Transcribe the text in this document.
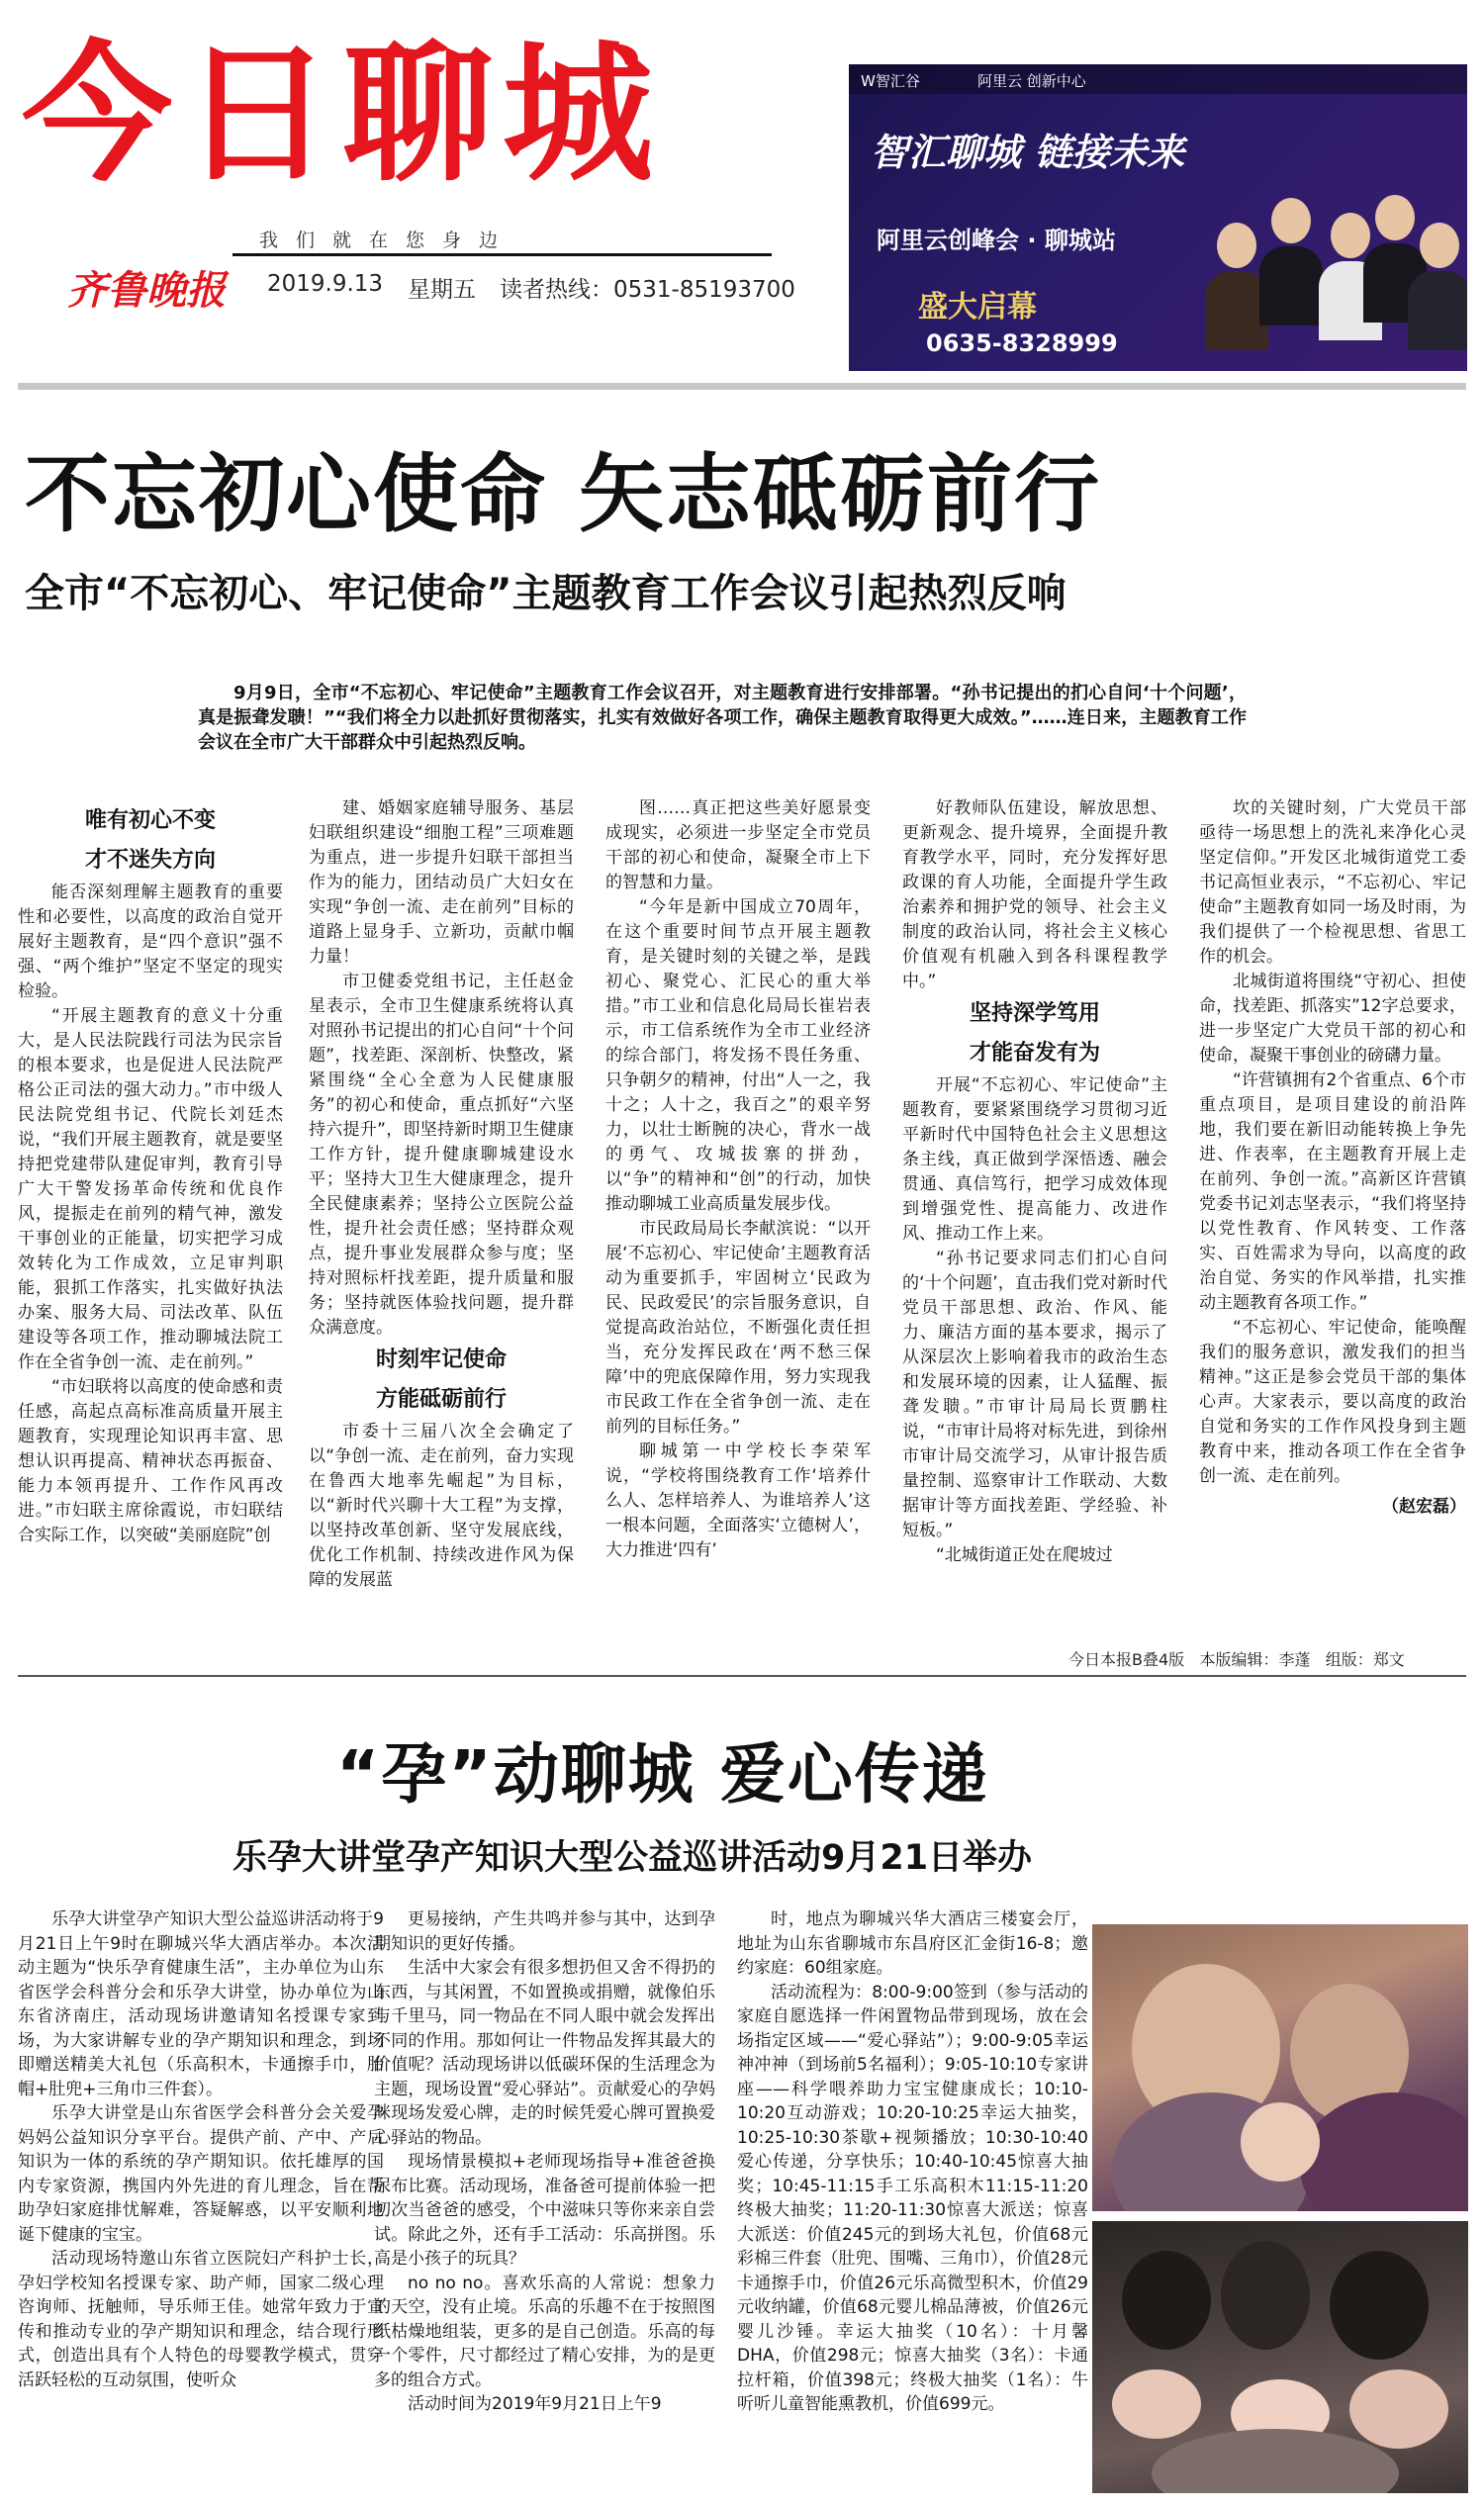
今日聊城
我们就在您身边
齐鲁晚报 2019.9.13 星期五 读者热线：0531-85193700
W智汇谷	阿里云 创新中心
智汇聊城 链接未来
阿里云创峰会 · 聊城站
盛大启幕
0635-8328999
不忘初心使命 矢志砥砺前行
全市“不忘初心、牢记使命”主题教育工作会议引起热烈反响
9月9日，全市“不忘初心、牢记使命”主题教育工作会议召开，对主题教育进行安排部署。“孙书记提出的扪心自问‘十个问题’，真是振聋发聩！”“我们将全力以赴抓好贯彻落实，扎实有效做好各项工作，确保主题教育取得更大成效。”……连日来，主题教育工作会议在全市广大干部群众中引起热烈反响。

唯有初心不变
才不迷失方向

能否深刻理解主题教育的重要性和必要性，以高度的政治自觉开展好主题教育，是“四个意识”强不强、“两个维护”坚定不坚定的现实检验。

“开展主题教育的意义十分重大，是人民法院践行司法为民宗旨的根本要求，也是促进人民法院严格公正司法的强大动力。”市中级人民法院党组书记、代院长刘廷杰说，“我们开展主题教育，就是要坚持把党建带队建促审判，教育引导广大干警发扬革命传统和优良作风，提振走在前列的精气神，激发干事创业的正能量，切实把学习成效转化为工作成效，立足审判职能，狠抓工作落实，扎实做好执法办案、服务大局、司法改革、队伍建设等各项工作，推动聊城法院工作在全省争创一流、走在前列。”

“市妇联将以高度的使命感和责任感，高起点高标准高质量开展主题教育，实现理论知识再丰富、思想认识再提高、精神状态再振奋、能力本领再提升、工作作风再改进。”市妇联主席徐霞说，市妇联结合实际工作，以突破“美丽庭院”创

建、婚姻家庭辅导服务、基层妇联组织建设“细胞工程”三项难题为重点，进一步提升妇联干部担当作为的能力，团结动员广大妇女在实现“争创一流、走在前列”目标的道路上显身手、立新功，贡献巾帼力量！

市卫健委党组书记，主任赵金星表示，全市卫生健康系统将认真对照孙书记提出的扪心自问“十个问题”，找差距、深剖析、快整改，紧紧围绕“全心全意为人民健康服务”的初心和使命，重点抓好“六坚持六提升”，即坚持新时期卫生健康工作方针，提升健康聊城建设水平；坚持大卫生大健康理念，提升全民健康素养；坚持公立医院公益性，提升社会责任感；坚持群众观点，提升事业发展群众参与度；坚持对照标杆找差距，提升质量和服务；坚持就医体验找问题，提升群众满意度。

时刻牢记使命
方能砥砺前行

市委十三届八次全会确定了以“争创一流、走在前列，奋力实现在鲁西大地率先崛起”为目标，以“新时代兴聊十大工程”为支撑，以坚持改革创新、坚守发展底线，优化工作机制、持续改进作风为保障的发展蓝

图……真正把这些美好愿景变成现实，必须进一步坚定全市党员干部的初心和使命，凝聚全市上下的智慧和力量。

“今年是新中国成立70周年，在这个重要时间节点开展主题教育，是关键时刻的关键之举，是践初心、聚党心、汇民心的重大举措。”市工业和信息化局局长崔岩表示，市工信系统作为全市工业经济的综合部门，将发扬不畏任务重、只争朝夕的精神，付出“人一之，我十之；人十之，我百之”的艰辛努力，以壮士断腕的决心，背水一战的勇气、攻城拔寨的拼劲，以“争”的精神和“创”的行动，加快推动聊城工业高质量发展步伐。

市民政局局长李献滨说：“以开展‘不忘初心、牢记使命’主题教育活动为重要抓手，牢固树立‘民政为民、民政爱民’的宗旨服务意识，自觉提高政治站位，不断强化责任担当，充分发挥民政在‘两不愁三保障’中的兜底保障作用，努力实现我市民政工作在全省争创一流、走在前列的目标任务。”

聊城第一中学校长李荣军说，“学校将围绕教育工作‘培养什么人、怎样培养人、为谁培养人’这一根本问题，全面落实‘立德树人’，大力推进‘四有’

好教师队伍建设，解放思想、更新观念、提升境界，全面提升教育教学水平，同时，充分发挥好思政课的育人功能，全面提升学生政治素养和拥护党的领导、社会主义制度的政治认同，将社会主义核心价值观有机融入到各科课程教学中。”

坚持深学笃用
才能奋发有为

开展“不忘初心、牢记使命”主题教育，要紧紧围绕学习贯彻习近平新时代中国特色社会主义思想这条主线，真正做到学深悟透、融会贯通、真信笃行，把学习成效体现到增强党性、提高能力、改进作风、推动工作上来。

“孙书记要求同志们扪心自问的‘十个问题’，直击我们党对新时代党员干部思想、政治、作风、能力、廉洁方面的基本要求，揭示了从深层次上影响着我市的政治生态和发展环境的因素，让人猛醒、振聋发聩。”市审计局局长贾鹏柱说，“市审计局将对标先进，到徐州市审计局交流学习，从审计报告质量控制、巡察审计工作联动、大数据审计等方面找差距、学经验、补短板。”

“北城街道正处在爬坡过

坎的关键时刻，广大党员干部亟待一场思想上的洗礼来净化心灵坚定信仰。”开发区北城街道党工委书记高恒业表示，“不忘初心、牢记使命”主题教育如同一场及时雨，为我们提供了一个检视思想、省思工作的机会。

北城街道将围绕“守初心、担使命，找差距、抓落实”12字总要求，进一步坚定广大党员干部的初心和使命，凝聚干事创业的磅礴力量。

“许营镇拥有2个省重点、6个市重点项目，是项目建设的前沿阵地，我们要在新旧动能转换上争先进、作表率，在主题教育开展上走在前列、争创一流。”高新区许营镇党委书记刘志坚表示，“我们将坚持以党性教育、作风转变、工作落实、百姓需求为导向，以高度的政治自觉、务实的作风举措，扎实推动主题教育各项工作。”

“不忘初心、牢记使命，能唤醒我们的服务意识，激发我们的担当精神。”这正是参会党员干部的集体心声。大家表示，要以高度的政治自觉和务实的工作作风投身到主题教育中来，推动各项工作在全省争创一流、走在前列。

（赵宏磊）

今日本报B叠4版 本版编辑：李蓬 组版：郑文
“孕”动聊城 爱心传递
乐孕大讲堂孕产知识大型公益巡讲活动9月21日举办

乐孕大讲堂孕产知识大型公益巡讲活动将于9月21日上午9时在聊城兴华大酒店举办。本次活动主题为“快乐孕育健康生活”，主办单位为山东省医学会科普分会和乐孕大讲堂，协办单位为山东省济南庄，活动现场讲邀请知名授课专家到场，为大家讲解专业的孕产期知识和理念，到场即赠送精美大礼包（乐高积木，卡通擦手巾，胎帽+肚兜+三角巾三件套）。

乐孕大讲堂是山东省医学会科普分会关爱孕妈妈公益知识分享平台。提供产前、产中、产后知识为一体的系统的孕产期知识。依托雄厚的国内专家资源，携国内外先进的育儿理念，旨在帮助孕妇家庭排忧解难，答疑解惑，以平安顺利地诞下健康的宝宝。

活动现场特邀山东省立医院妇产科护士长，孕妇学校知名授课专家、助产师，国家二级心理咨询师、抚触师，导乐师王佳。她常年致力于宣传和推动专业的孕产期知识和理念，结合现行形式，创造出具有个人特色的母婴教学模式，贯穿活跃轻松的互动氛围，使听众

更易接纳，产生共鸣并参与其中，达到孕期知识的更好传播。

生活中大家会有很多想扔但又舍不得扔的东西，与其闲置，不如置换或捐赠，就像伯乐与千里马，同一物品在不同人眼中就会发挥出不同的作用。那如何让一件物品发挥其最大的价值呢？活动现场讲以低碳环保的生活理念为主题，现场设置“爱心驿站”。贡献爱心的孕妈咪现场发爱心牌，走的时候凭爱心牌可置换爱心驿站的物品。

现场情景模拟+老师现场指导+准爸爸换尿布比赛。活动现场，准备爸可提前体验一把初次当爸爸的感受，个中滋味只等你来亲自尝试。除此之外，还有手工活动：乐高拼图。乐高是小孩子的玩具？

no no no。喜欢乐高的人常说：想象力的天空，没有止境。乐高的乐趣不在于按照图纸枯燥地组装，更多的是自己创造。乐高的每一个零件，尺寸都经过了精心安排，为的是更多的组合方式。

活动时间为2019年9月21日上午9

时，地点为聊城兴华大酒店三楼宴会厅，地址为山东省聊城市东昌府区汇金街16-8；邀约家庭：60组家庭。

活动流程为：8:00-9:00签到（参与活动的家庭自愿选择一件闲置物品带到现场，放在会场指定区域——“爱心驿站”）；9:00-9:05幸运神冲神（到场前5名福利）；9:05-10:10专家讲座——科学喂养助力宝宝健康成长；10:10-10:20互动游戏；10:20-10:25幸运大抽奖，10:25-10:30茶歇+视频播放；10:30-10:40爱心传递，分享快乐；10:40-10:45惊喜大抽奖；10:45-11:15手工乐高积木11:15-11:20终极大抽奖；11:20-11:30惊喜大派送；惊喜大派送：价值245元的到场大礼包，价值68元彩棉三件套（肚兜、围嘴、三角巾），价值28元卡通擦手巾，价值26元乐高微型积木，价值29元收纳罐，价值68元婴儿棉品薄被，价值26元婴儿沙锤。幸运大抽奖（10名）：十月馨DHA，价值298元；惊喜大抽奖（3名）：卡通拉杆箱，价值398元；终极大抽奖（1名）：牛听听儿童智能熏教机，价值699元。
